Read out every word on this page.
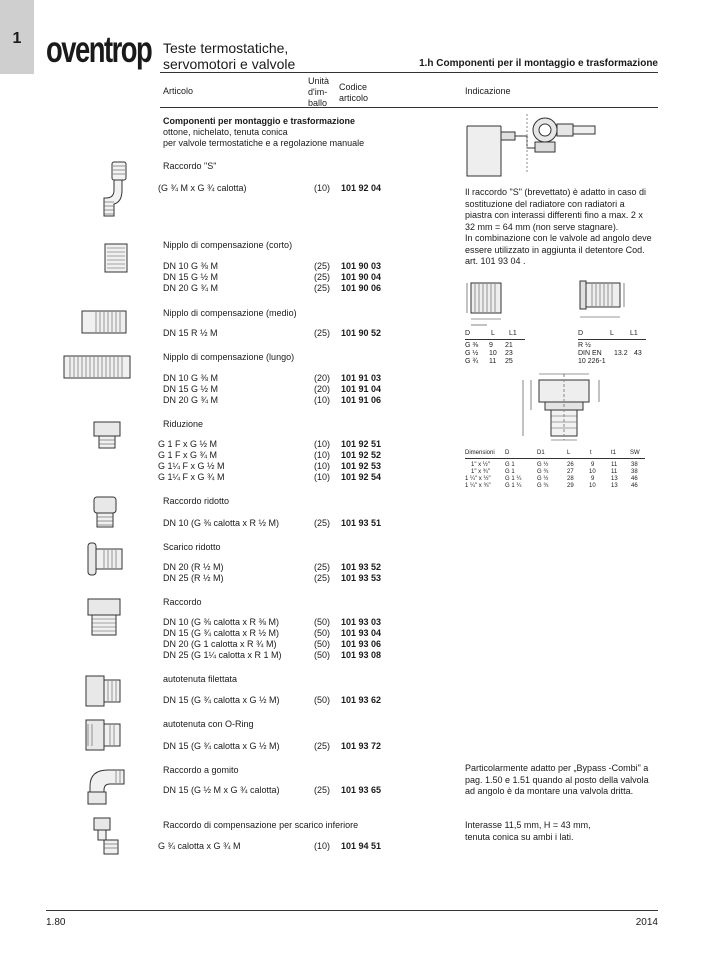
1 oventrop Teste termostatiche,
servomotori e valvole	1.h Componenti per il montaggio e trasformazione
Articolo
Unità
d'im-
ballo
Codice
articolo
Indicazione
Componenti per montaggio e trasformazione
ottone, nichelato, tenuta conica
per valvole termostatiche e a regolazione manuale
Raccordo "S"
(G ¾ M x G ¾ calotta)	(10) 101 92 04
Nipplo di compensazione (corto)
DN 10 G ⅜ M	(25) 101 90 03
DN 15 G ½ M	(25) 101 90 04
DN 20 G ¾ M	(25) 101 90 06
Nipplo di compensazione (medio)
DN 15 R ½ M	(25) 101 90 52
Nipplo di compensazione (lungo)
DN 10 G ⅜ M	(20) 101 91 03
DN 15 G ½ M	(20) 101 91 04
DN 20 G ¾ M	(10) 101 91 06
Riduzione
G 1 F x G ½ M	(10) 101 92 51
G 1 F x G ¾ M	(10) 101 92 52
G 1¼ F x G ½ M	(10) 101 92 53
G 1¼ F x G ¾ M	(10) 101 92 54
Raccordo ridotto
DN 10 (G ⅜ calotta x R ½ M)	(25) 101 93 51
Scarico ridotto
DN 20 (R ½ M)	(25) 101 93 52
DN 25 (R ½ M)	(25) 101 93 53
Raccordo
DN 10 (G ⅜ calotta x R ⅜ M)	(50) 101 93 03
DN 15 (G ¾ calotta x R ½ M)	(50) 101 93 04
DN 20 (G 1 calotta x R ¾ M)	(50) 101 93 06
DN 25 (G 1¼ calotta x R 1 M)	(50) 101 93 08
autotenuta filettata
DN 15 (G ¾ calotta x G ½ M)	(50) 101 93 62
autotenuta con O-Ring
DN 15 (G ¾ calotta x G ½ M)	(25) 101 93 72
Raccordo a gomito
DN 15 (G ½ M x G ¾ calotta)	(25) 101 93 65
Raccordo di compensazione per scarico inferiore
G ¾ calotta x G ¾ M	(10) 101 94 51
Il raccordo "S" (brevettato) è adatto in caso di
sostituzione del radiatore con radiatori a
piastra con interassi differenti fino a max. 2 x
32 mm = 64 mm (non serve stagnare).
In combinazione con le valvole ad angolo deve
essere utilizzato in aggiunta il detentore Cod.
art. 101 93 04 .
Particolarmente adatto per „Bypass -Combi" a
pag. 1.50 e 1.51 quando al posto della valvola
ad angolo è da montare una valvola dritta.
Interasse 11,5 mm, H = 43 mm,
tenuta conica su ambi i lati.
D	L L1
G ⅜ 9 21
G ½ 10 23
G ¾ 11 25
D	L L1
R ½
DIN EN 13.2 43
10 226-1
Dimensioni D	D1	L	t	t1 SW
1" x ½"	G 1	G ½	26	9	11 38
1" x ¾"	G 1	G ¾	27	10	11 38
1 ¼" x ½" G 1 ¼	G ½	28	9	13 46
1 ¼" x ¾" G 1 ¼	G ¾	29	10	13 46
1.80	2014
